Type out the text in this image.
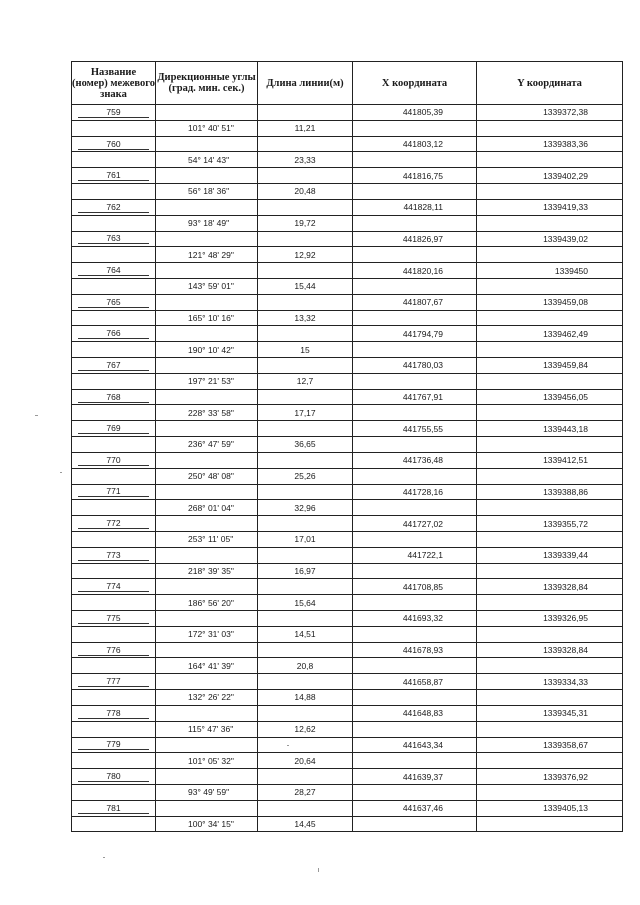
Название (номер) межевого знака	Дирекционные углы (град. мин. сек.)	Длина линии(м)	X координата	Y координата

759			441805,39	1339372,38
	101° 40' 51"	11,21		

760			441803,12	1339383,36
	54° 14' 43"	23,33		

761			441816,75	1339402,29
	56° 18' 36"	20,48		

762			441828,11	1339419,33
	93° 18' 49"	19,72		

763			441826,97	1339439,02
	121° 48' 29"	12,92		

764			441820,16	1339450
	143° 59' 01"	15,44		

765			441807,67	1339459,08
	165° 10' 16"	13,32		

766			441794,79	1339462,49
	190° 10' 42"	15		

767			441780,03	1339459,84
	197° 21' 53"	12,7		

768			441767,91	1339456,05
	228° 33' 58"	17,17		

769			441755,55	1339443,18
	236° 47' 59"	36,65		

770			441736,48	1339412,51
	250° 48' 08"	25,26		

771			441728,16	1339388,86
	268° 01' 04"	32,96		

772			441727,02	1339355,72
	253° 11' 05"	17,01		

773			441722,1	1339339,44
	218° 39' 35"	16,97		

774			441708,85	1339328,84
	186° 56' 20"	15,64		

775			441693,32	1339326,95
	172° 31' 03"	14,51		

776			441678,93	1339328,84
	164° 41' 39"	20,8		

777			441658,87	1339334,33
	132° 26' 22"	14,88		

778			441648,83	1339345,31
	115° 47' 36"	12,62		

779			441643,34	1339358,67
	101° 05' 32"	20,64		

780			441639,37	1339376,92
	93° 49' 59"	28,27		

781			441637,46	1339405,13
	100° 34' 15"	14,45		
